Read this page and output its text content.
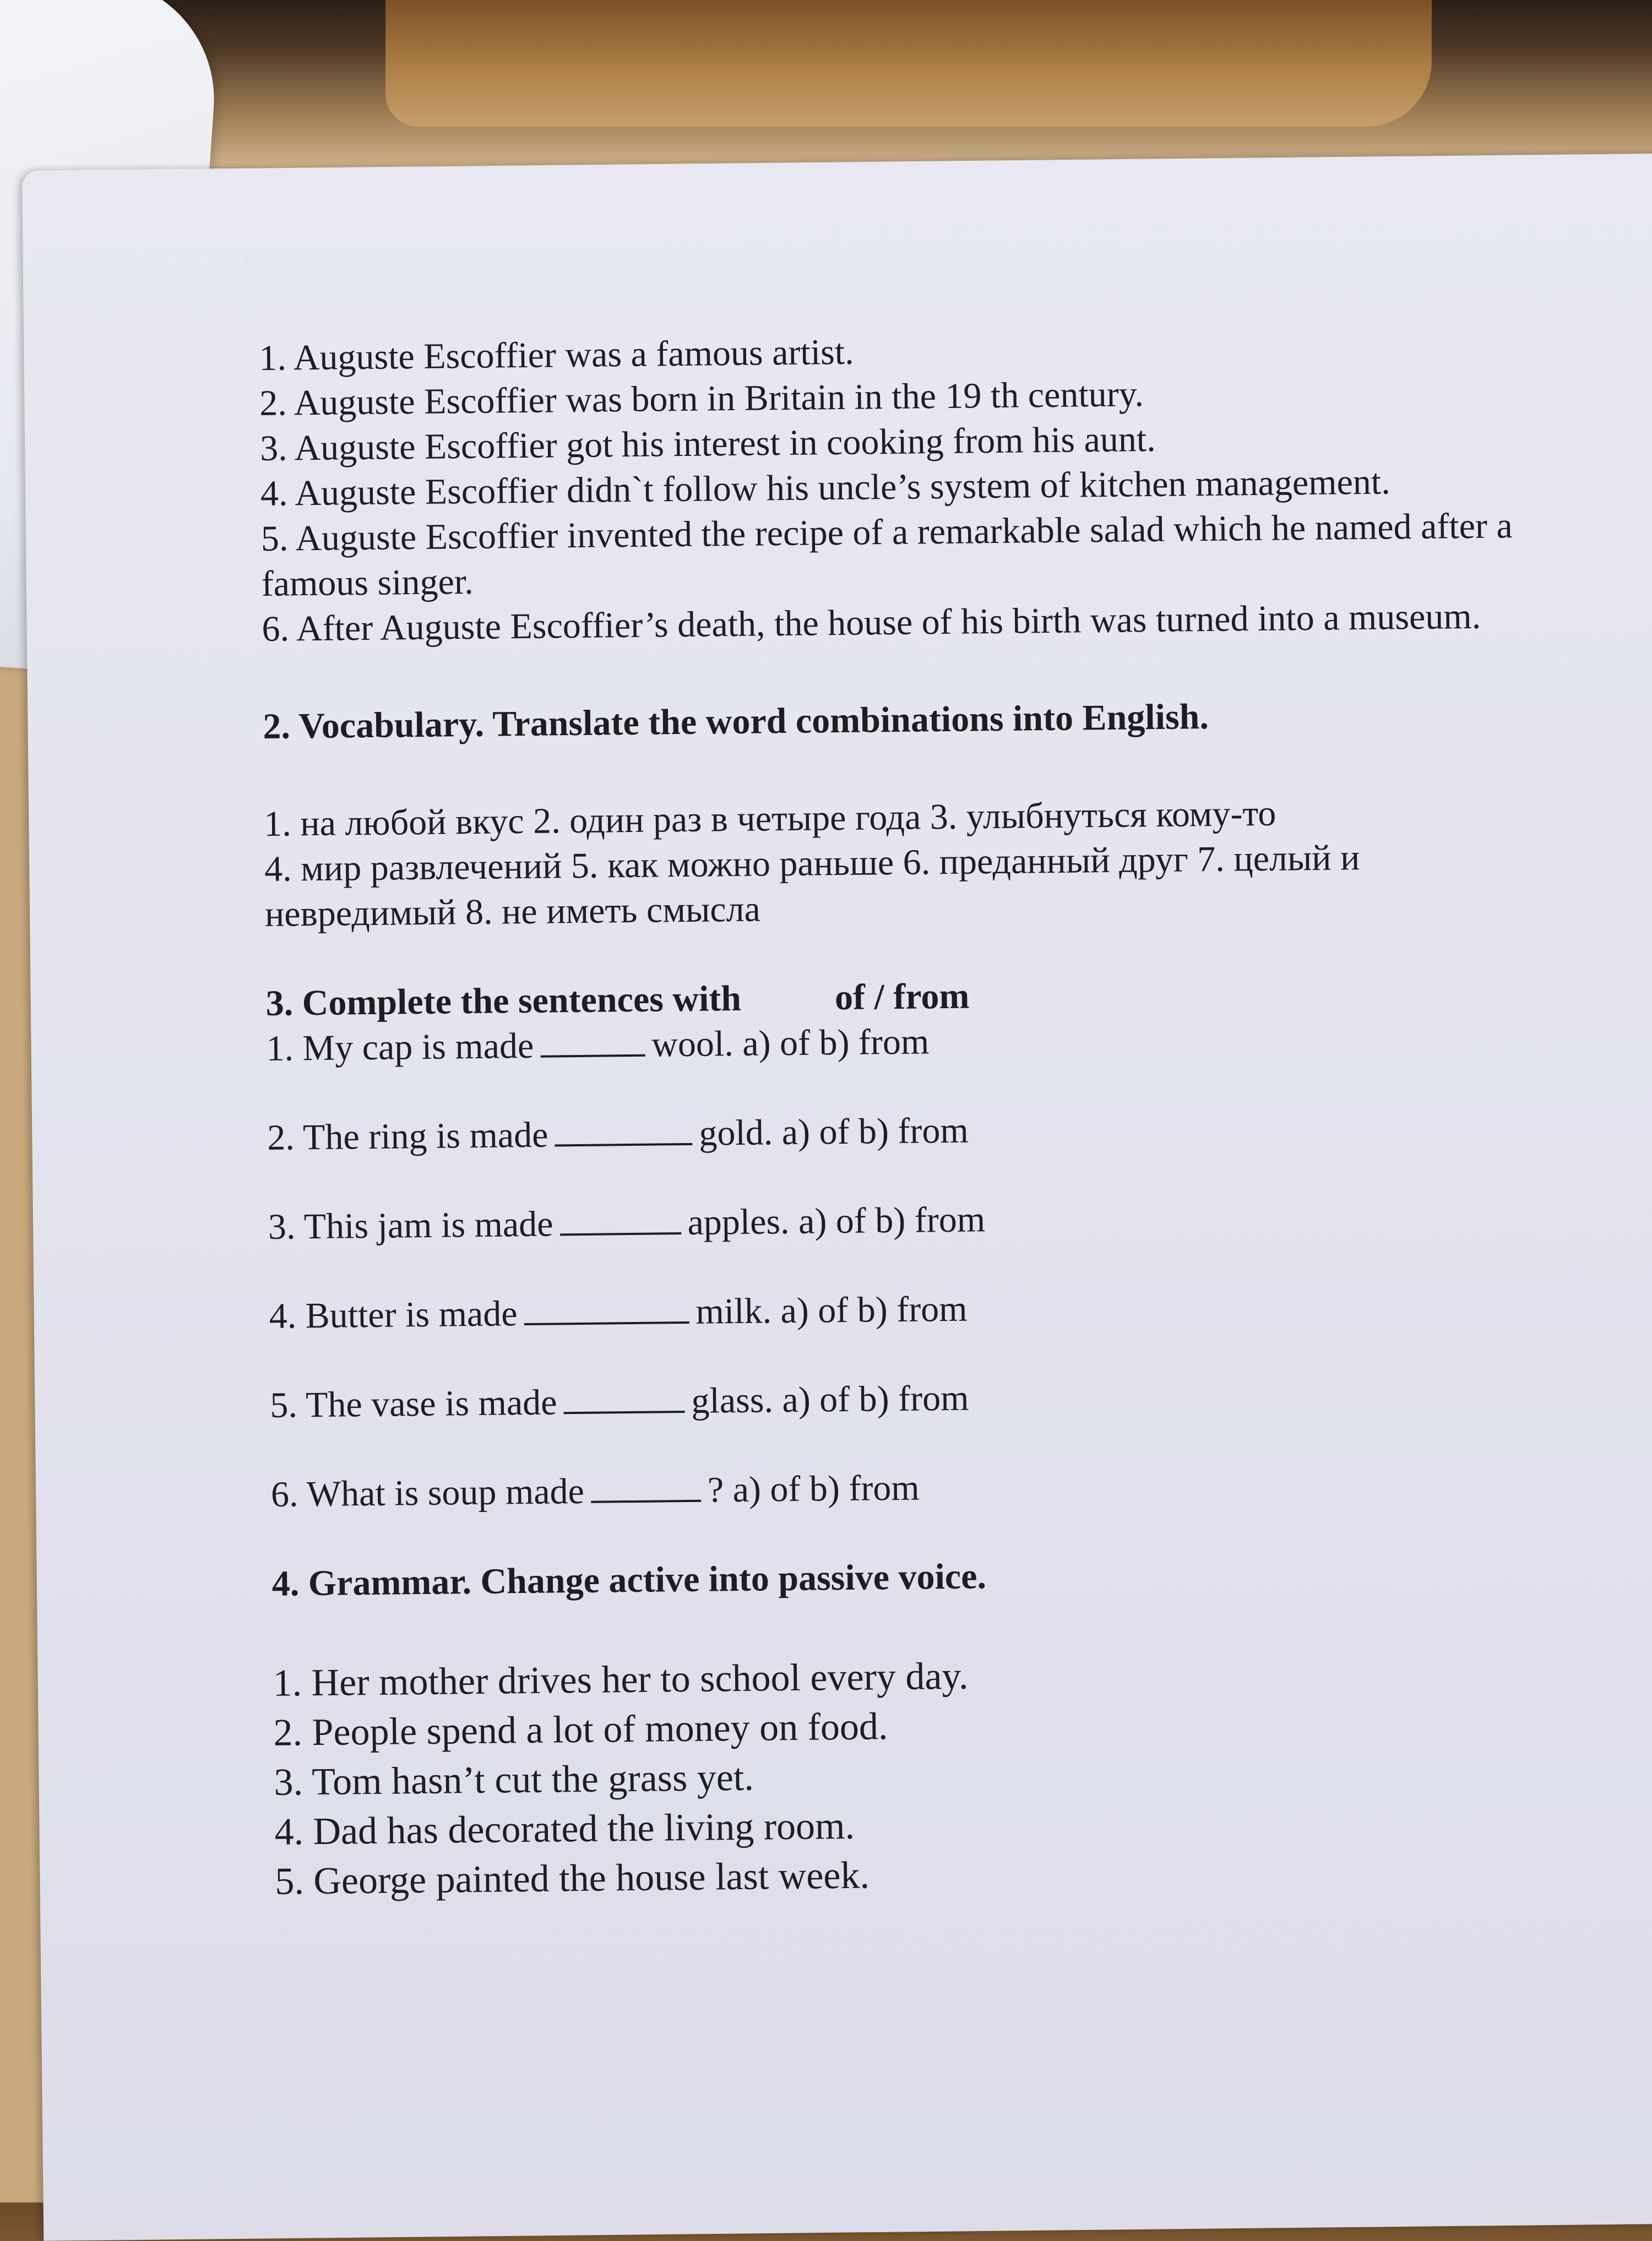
1. Auguste Escoffier was a famous artist.

2. Auguste Escoffier was born in Britain in the 19 th century.

3. Auguste Escoffier got his interest in cooking from his aunt.

4. Auguste Escoffier didn`t follow his uncle’s system of kitchen management.

5. Auguste Escoffier invented the recipe of a remarkable salad which he named after a

famous singer.

6. After Auguste Escoffier’s death, the house of his birth was turned into a museum.

2. Vocabulary. Translate the word combinations into English.

1. на любой вкус 2. один раз в четыре года 3. улыбнуться кому-то

4. мир развлечений 5. как можно раньше 6. преданный друг 7. целый и

невредимый 8. не иметь смысла

3. Complete the sentences with	of / from

1. My cap is made	wool. a) of b) from

2. The ring is made	gold. a) of b) from

3. This jam is made	apples. a) of b) from

4. Butter is made	milk. a) of b) from

5. The vase is made	glass. a) of b) from

6. What is soup made	? a) of b) from

4. Grammar. Change active into passive voice.

1. Her mother drives her to school every day.

2. People spend a lot of money on food.

3. Tom hasn’t cut the grass yet.

4. Dad has decorated the living room.

5. George painted the house last week.
